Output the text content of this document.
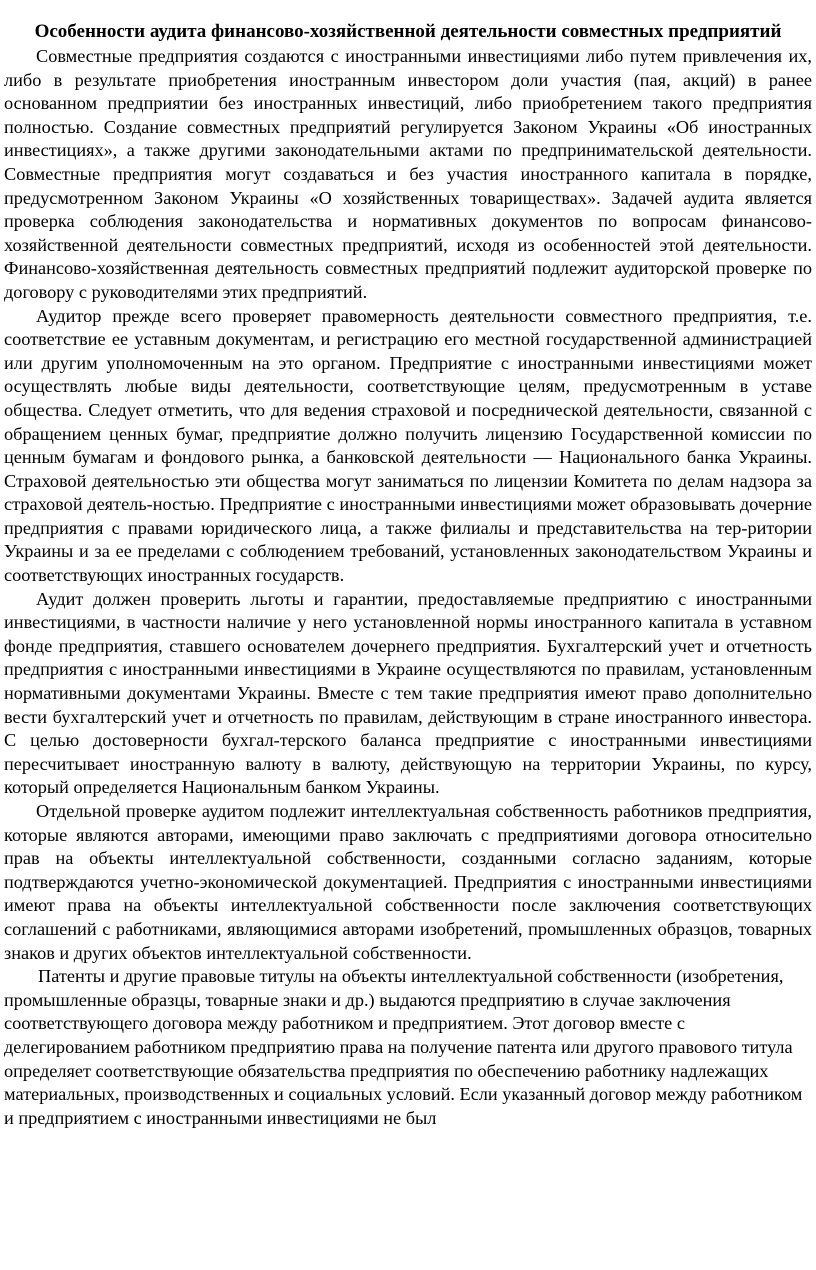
Особенности аудита финансово-хозяйственной деятельности совместных предприятий

Совместные предприятия создаются с иностранными инвестициями либо путем привлечения их, либо в результате приобретения иностранным инвестором доли участия (пая, акций) в ранее основанном предприятии без иностранных инвестиций, либо приобретением такого предприятия полностью. Создание совместных предприятий регулируется Законом Украины «Об иностранных инвестициях», а также другими законодательными актами по предпринимательской деятельности. Совместные предприятия могут создаваться и без участия иностранного капитала в порядке, предусмотренном Законом Украины «О хозяйственных товариществах». Задачей аудита является проверка соблюдения законодательства и нормативных документов по вопросам финансово-хозяйственной деятельности совместных предприятий, исходя из особенностей этой деятельности. Финансово-хозяйственная деятельность совместных предприятий подлежит аудиторской проверке по договору с руководителями этих предприятий.

Аудитор прежде всего проверяет правомерность деятельности совместного предприятия, т.е. соответствие ее уставным документам, и регистрацию его местной государственной администрацией или другим уполномоченным на это органом. Предприятие с иностранными инвестициями может осуществлять любые виды деятельности, соответствующие целям, предусмотренным в уставе общества. Следует отметить, что для ведения страховой и посреднической деятельности, связанной с обращением ценных бумаг, предприятие должно получить лицензию Государственной комиссии по ценным бумагам и фондового рынка, а банковской деятельности — Национального банка Украины. Страховой деятельностью эти общества могут заниматься по лицензии Комитета по делам надзора за страховой деятель-ностью. Предприятие с иностранными инвестициями может образовывать дочерние предприятия с правами юридического лица, а также филиалы и представительства на тер-ритории Украины и за ее пределами с соблюдением требований, установленных законодательством Украины и соответствующих иностранных государств.

Аудит должен проверить льготы и гарантии, предоставляемые предприятию с иностранными инвестициями, в частности наличие у него установленной нормы иностранного капитала в уставном фонде предприятия, ставшего основателем дочернего предприятия. Бухгалтерский учет и отчетность предприятия с иностранными инвестициями в Украине осуществляются по правилам, установленным нормативными документами Украины. Вместе с тем такие предприятия имеют право дополнительно вести бухгалтерский учет и отчетность по правилам, действующим в стране иностранного инвестора. С целью достоверности бухгал-терского баланса предприятие с иностранными инвестициями пересчитывает иностранную валюту в валюту, действующую на территории Украины, по курсу, который определяется Национальным банком Украины.

Отдельной проверке аудитом подлежит интеллектуальная собственность работников предприятия, которые являются авторами, имеющими право заключать с предприятиями договора относительно прав на объекты интеллектуальной собственности, созданными согласно заданиям, которые подтверждаются учетно-экономической документацией. Предприятия с иностранными инвестициями имеют права на объекты интеллектуальной собственности после заключения соответствующих соглашений с работниками, являющимися авторами изобретений, промышленных образцов, товарных знаков и других объектов интеллектуальной собственности.

Патенты и другие правовые титулы на объекты интеллектуальной собственности (изобретения, промышленные образцы, товарные знаки и др.) выдаются предприятию в случае заключения соответствующего договора между работником и предприятием. Этот договор вместе с делегированием работником предприятию права на получение патента или другого правового титула определяет соответствующие обязательства предприятия по обеспечению работнику надлежащих материальных, производственных и социальных условий. Если указанный договор между работником и предприятием с иностранными инвестициями не был
